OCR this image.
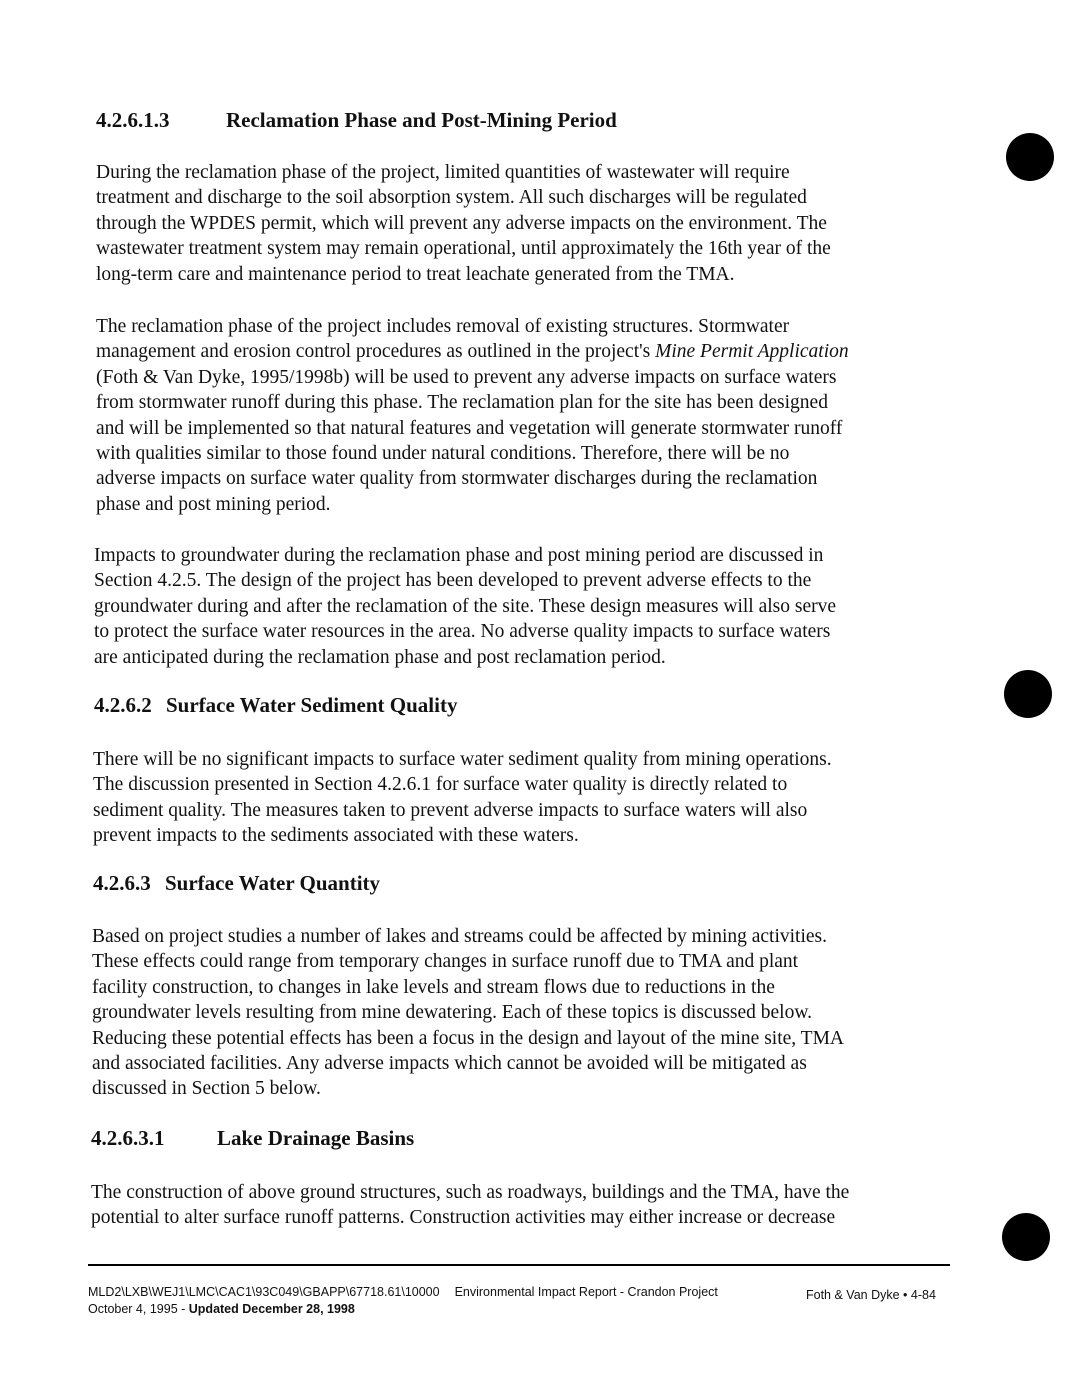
4.2.6.1.3	Reclamation Phase and Post-Mining Period
During the reclamation phase of the project, limited quantities of wastewater will require
treatment and discharge to the soil absorption system. All such discharges will be regulated
through the WPDES permit, which will prevent any adverse impacts on the environment. The
wastewater treatment system may remain operational, until approximately the 16th year of the
long-term care and maintenance period to treat leachate generated from the TMA.
The reclamation phase of the project includes removal of existing structures. Stormwater
management and erosion control procedures as outlined in the project's Mine Permit Application
(Foth & Van Dyke, 1995/1998b) will be used to prevent any adverse impacts on surface waters
from stormwater runoff during this phase. The reclamation plan for the site has been designed
and will be implemented so that natural features and vegetation will generate stormwater runoff
with qualities similar to those found under natural conditions. Therefore, there will be no
adverse impacts on surface water quality from stormwater discharges during the reclamation
phase and post mining period.
Impacts to groundwater during the reclamation phase and post mining period are discussed in
Section 4.2.5. The design of the project has been developed to prevent adverse effects to the
groundwater during and after the reclamation of the site. These design measures will also serve
to protect the surface water resources in the area. No adverse quality impacts to surface waters
are anticipated during the reclamation phase and post reclamation period.
4.2.6.2 Surface Water Sediment Quality
There will be no significant impacts to surface water sediment quality from mining operations.
The discussion presented in Section 4.2.6.1 for surface water quality is directly related to
sediment quality. The measures taken to prevent adverse impacts to surface waters will also
prevent impacts to the sediments associated with these waters.
4.2.6.3 Surface Water Quantity
Based on project studies a number of lakes and streams could be affected by mining activities.
These effects could range from temporary changes in surface runoff due to TMA and plant
facility construction, to changes in lake levels and stream flows due to reductions in the
groundwater levels resulting from mine dewatering. Each of these topics is discussed below.
Reducing these potential effects has been a focus in the design and layout of the mine site, TMA
and associated facilities. Any adverse impacts which cannot be avoided will be mitigated as
discussed in Section 5 below.
4.2.6.3.1	Lake Drainage Basins
The construction of above ground structures, such as roadways, buildings and the TMA, have the
potential to alter surface runoff patterns. Construction activities may either increase or decrease
MLD2\LXB\WEJ1\LMC\CAC1\93C049\GBAPP\67718.61\10000 Environmental Impact Report - Crandon Project
October 4, 1995 - Updated December 28, 1998
Foth & Van Dyke • 4-84
